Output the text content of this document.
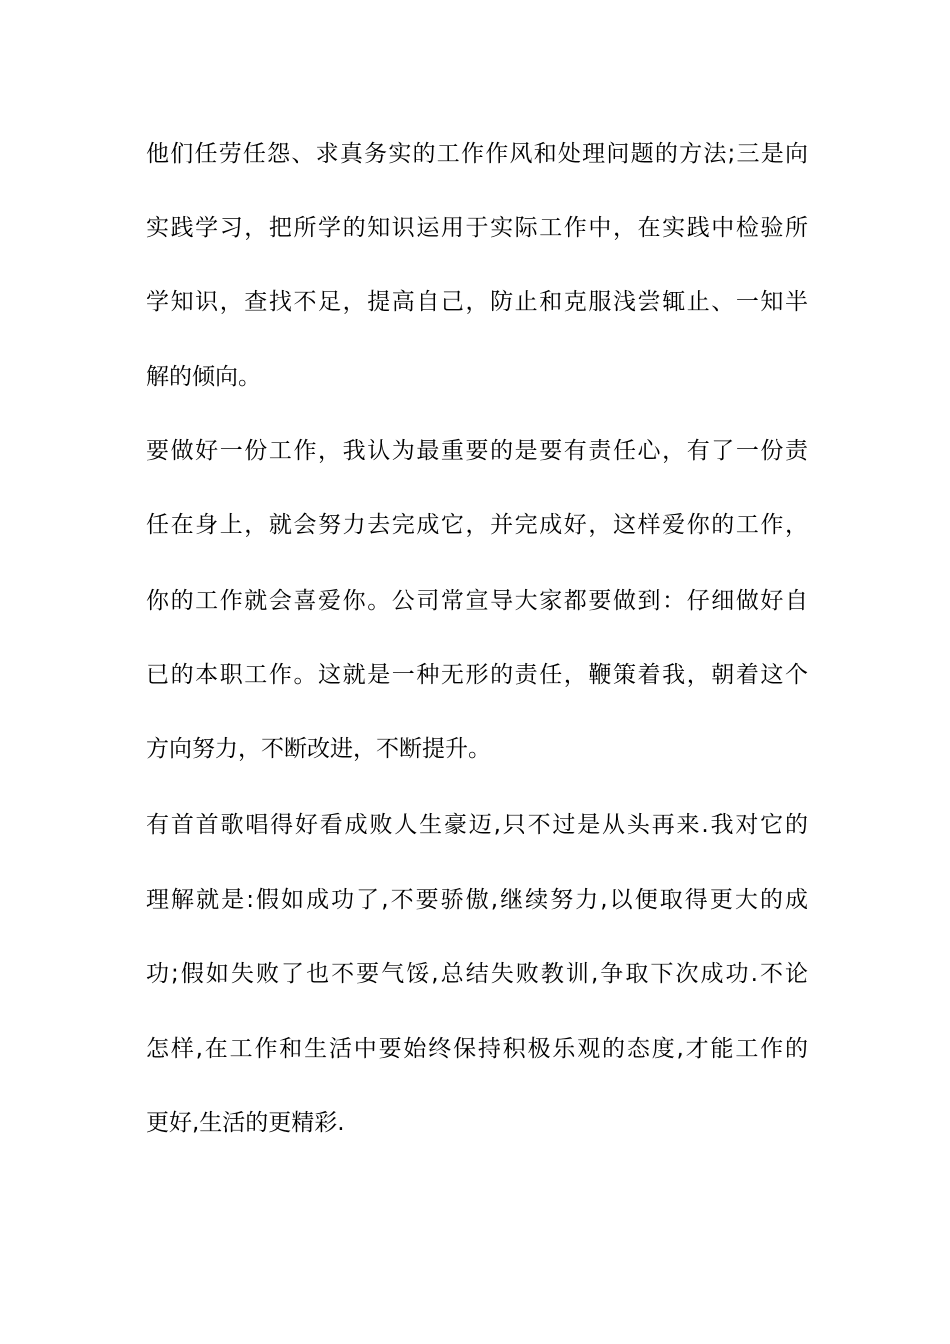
他们任劳任怨、求真务实的工作作风和处理问题的方法;三是向
实践学习，把所学的知识运用于实际工作中，在实践中检验所
学知识，查找不足，提高自己，防止和克服浅尝辄止、一知半
解的倾向。
要做好一份工作，我认为最重要的是要有责任心，有了一份责
任在身上，就会努力去完成它，并完成好，这样爱你的工作，
你的工作就会喜爱你。公司常宣导大家都要做到：仔细做好自
已的本职工作。这就是一种无形的责任，鞭策着我，朝着这个
方向努力，不断改进，不断提升。
有首首歌唱得好看成败人生豪迈,只不过是从头再来.我对它的
理解就是:假如成功了,不要骄傲,继续努力,以便取得更大的成
功;假如失败了也不要气馁,总结失败教训,争取下次成功.不论
怎样,在工作和生活中要始终保持积极乐观的态度,才能工作的
更好,生活的更精彩.
